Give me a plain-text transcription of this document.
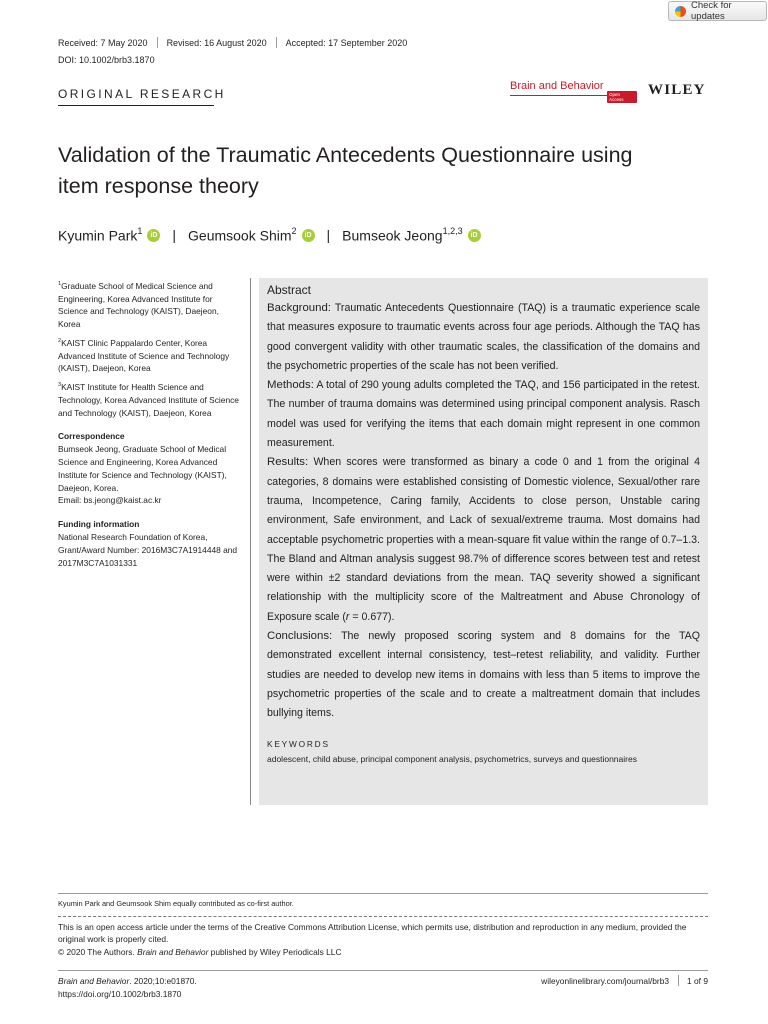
Check for updates
Received: 7 May 2020 Revised: 16 August 2020 Accepted: 17 September 2020
DOI: 10.1002/brb3.1870
ORIGINAL RESEARCH
Brain and Behavior
Open Access
WILEY
Validation of the Traumatic Antecedents Questionnaire using
item response theory
Kyumin Park$^1$	iD | Geumsook Shim$^2$	iD | Bumseok Jeong$^{1,2,3}$	iD
$^1$Graduate School of Medical Science and Engineering, Korea Advanced Institute for Science and Technology (KAIST), Daejeon, Korea
$^2$KAIST Clinic Pappalardo Center, Korea Advanced Institute of Science and Technology (KAIST), Daejeon, Korea
$^3$KAIST Institute for Health Science and Technology, Korea Advanced Institute of Science and Technology (KAIST), Daejeon, Korea
Correspondence
Bumseok Jeong, Graduate School of Medical Science and Engineering, Korea Advanced Institute for Science and Technology (KAIST), Daejeon, Korea.
Email: bs.jeong@kaist.ac.kr
Funding information
National Research Foundation of Korea, Grant/Award Number: 2016M3C7A1914448 and 2017M3C7A1031331
Abstract

Background: Traumatic Antecedents Questionnaire (TAQ) is a traumatic experience scale that measures exposure to traumatic events across four age periods. Although the TAQ has good convergent validity with other traumatic scales, the classification of the domains and the psychometric properties of the scale has not been verified.

Methods: A total of 290 young adults completed the TAQ, and 156 participated in the retest. The number of trauma domains was determined using principal component analysis. Rasch model was used for verifying the items that each domain might represent in one common measurement.

Results: When scores were transformed as binary a code 0 and 1 from the original 4 categories, 8 domains were established consisting of Domestic violence, Sexual/other rare trauma, Incompetence, Caring family, Accidents to close person, Unstable caring environment, Safe environment, and Lack of sexual/extreme trauma. Most domains had acceptable psychometric properties with a mean-square fit value within the range of 0.7–1.3. The Bland and Altman analysis suggest 98.7% of difference scores between test and retest were within ±2 standard deviations from the mean. TAQ severity showed a significant relationship with the multiplicity score of the Maltreatment and Abuse Chronology of Exposure scale (r = 0.677).

Conclusions: The newly proposed scoring system and 8 domains for the TAQ demonstrated excellent internal consistency, test–retest reliability, and validity. Further studies are needed to develop new items in domains with less than 5 items to improve the psychometric properties of the scale and to create a maltreatment domain that includes bullying items.

KEYWORDS
adolescent, child abuse, principal component analysis, psychometrics, surveys and questionnaires
Kyumin Park and Geumsook Shim equally contributed as co-first author.
This is an open access article under the terms of the Creative Commons Attribution License, which permits use, distribution and reproduction in any medium, provided the original work is properly cited.
© 2020 The Authors. Brain and Behavior published by Wiley Periodicals LLC
Brain and Behavior. 2020;10:e01870.
https://doi.org/10.1002/brb3.1870
wileyonlinelibrary.com/journal/brb3 1 of 9
